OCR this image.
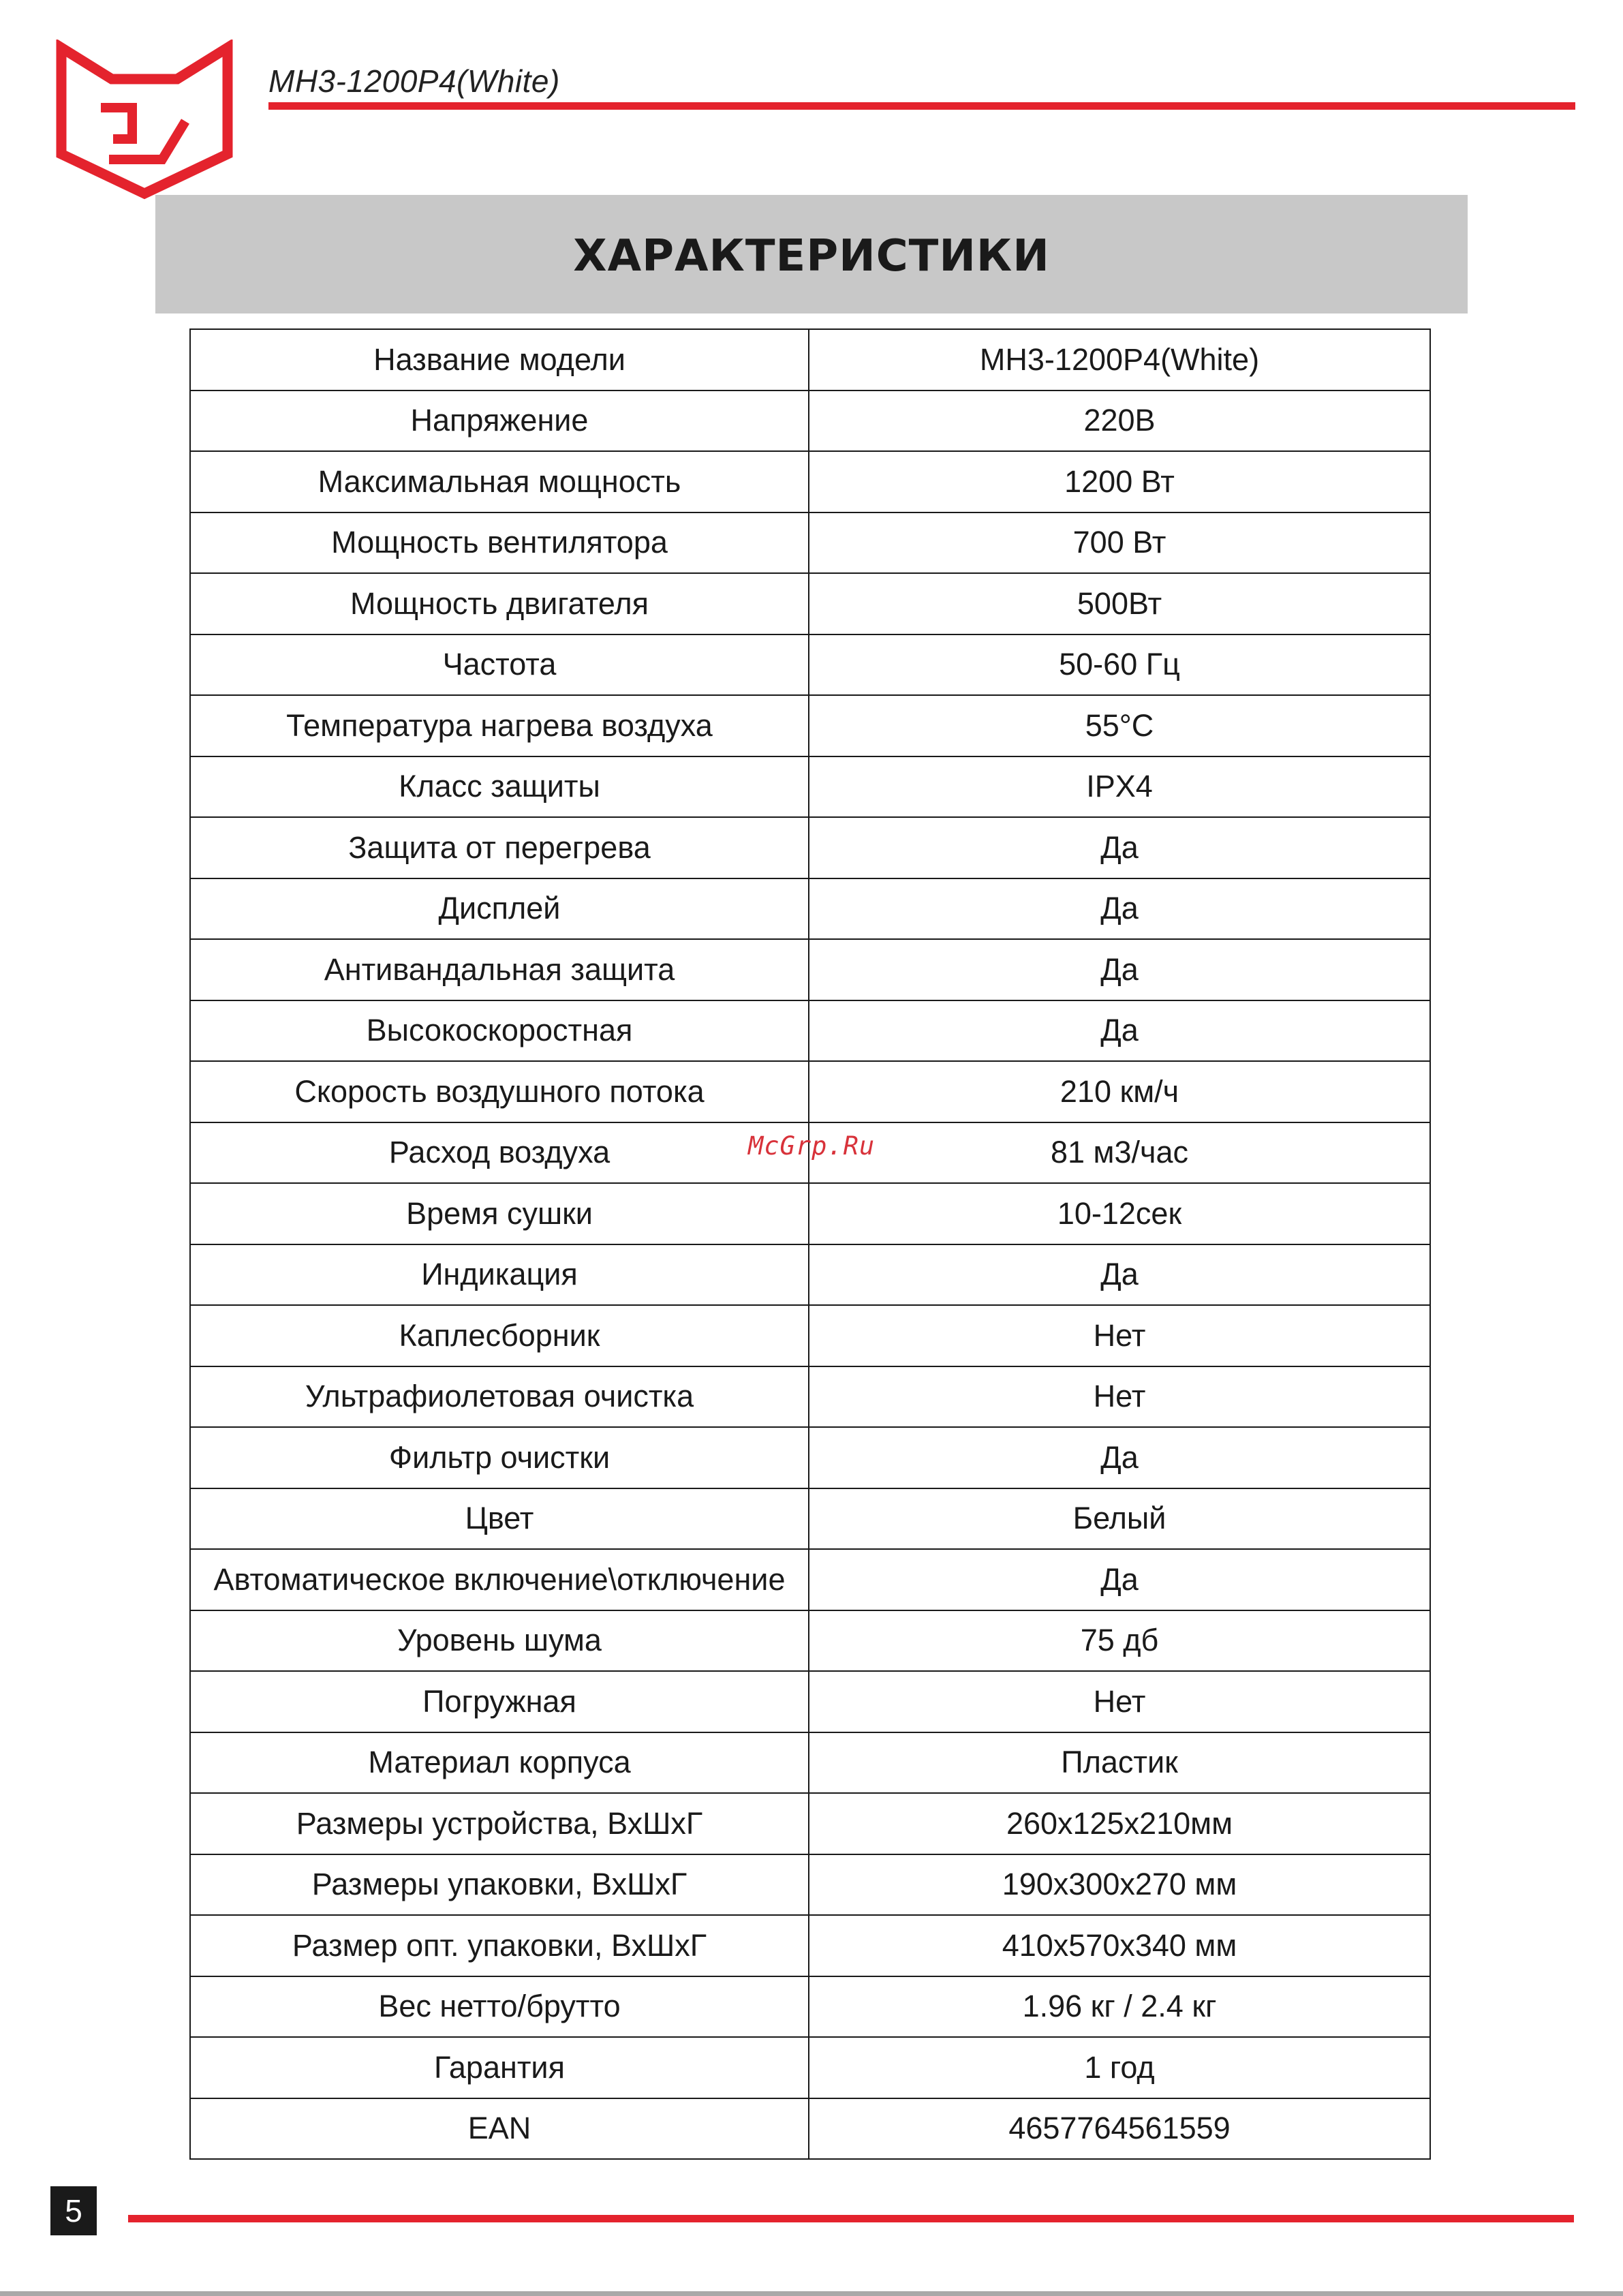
MH3-1200P4(White)
ХАРАКТЕРИСТИКИ
Название модели	MH3-1200P4(White)
Напряжение	220В
Максимальная мощность	1200 Вт
Мощность вентилятора	700 Вт
Мощность двигателя	500Вт
Частота	50-60 Гц
Температура нагрева воздуха	55°C
Класс защиты	IPX4
Защита от перегрева	Да
Дисплей	Да
Антивандальная защита	Да
Высокоскоростная	Да
Скорость воздушного потока	210 км/ч
Расход воздуха	81 м3/час
Время сушки	10-12сек
Индикация	Да
Каплесборник	Нет
Ультрафиолетовая очистка	Нет
Фильтр очистки	Да
Цвет	Белый
Автоматическое включение\отключение	Да
Уровень шума	75 дб
Погружная	Нет
Материал корпуса	Пластик
Размеры устройства, ВхШхГ	260x125x210мм
Размеры упаковки, ВхШхГ	190x300x270 мм
Размер опт. упаковки, ВхШхГ	410x570x340 мм
Вес нетто/брутто	1.96 кг / 2.4 кг
Гарантия	1 год
EAN	4657764561559
McGrp.Ru
5
